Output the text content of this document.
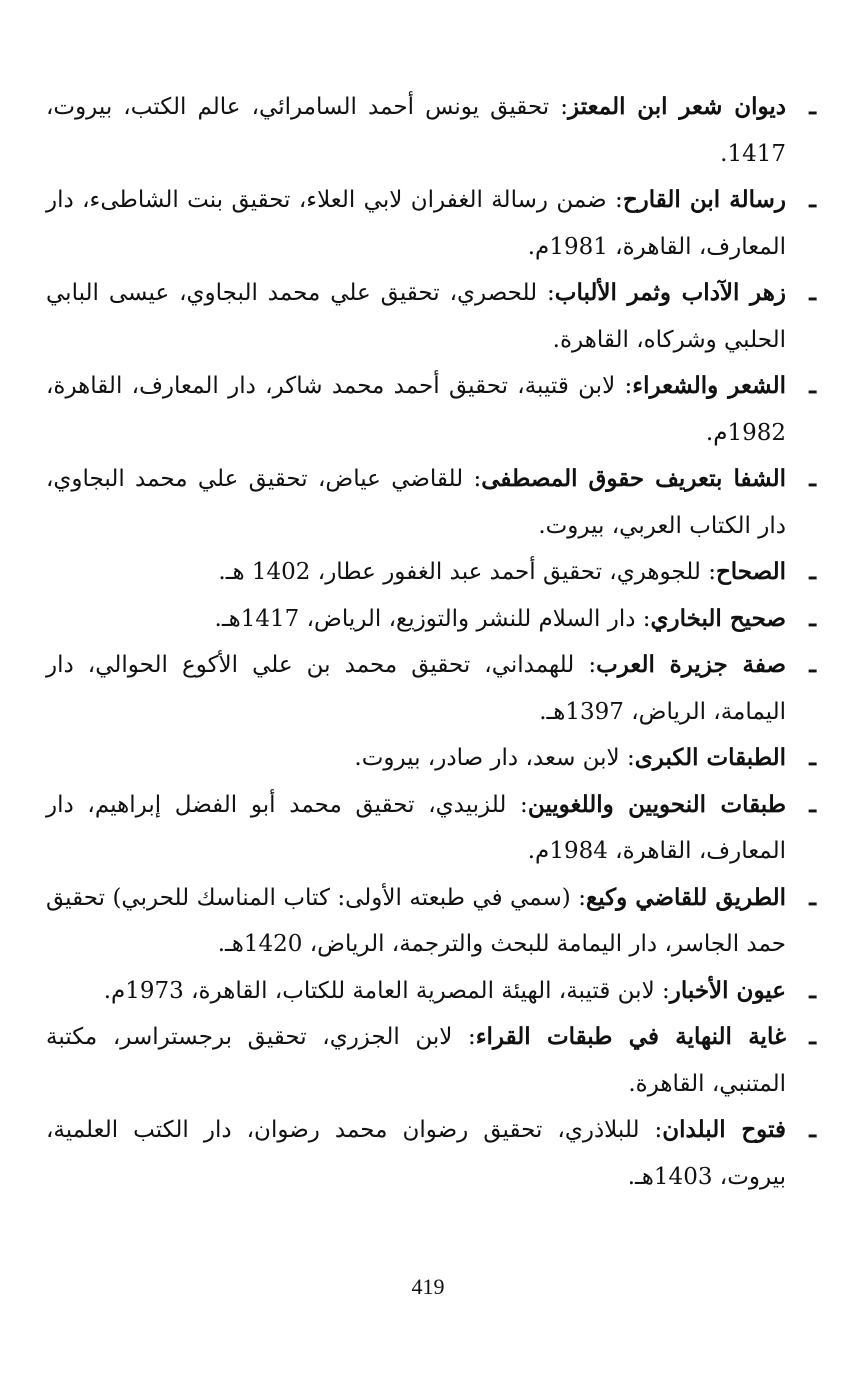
ـ
ديوان شعر ابن المعتز: تحقيق يونس أحمد السامرائي، عالم الكتب، بيروت، 1417.
ـ
رسالة ابن القارح: ضمن رسالة الغفران لابي العلاء، تحقيق بنت الشاطىء، دار المعارف، القاهرة، 1981م.
ـ
زهر الآداب وثمر الألباب: للحصري، تحقيق علي محمد البجاوي، عيسى البابي الحلبي وشركاه، القاهرة.
ـ
الشعر والشعراء: لابن قتيبة، تحقيق أحمد محمد شاكر، دار المعارف، القاهرة، 1982م.
ـ
الشفا بتعريف حقوق المصطفى: للقاضي عياض، تحقيق علي محمد البجاوي، دار الكتاب العربي، بيروت.
ـ
الصحاح: للجوهري، تحقيق أحمد عبد الغفور عطار، 1402 هـ.
ـ
صحيح البخاري: دار السلام للنشر والتوزيع، الرياض، 1417هـ.
ـ
صفة جزيرة العرب: للهمداني، تحقيق محمد بن علي الأكوع الحوالي، دار اليمامة، الرياض، 1397هـ.
ـ
الطبقات الكبرى: لابن سعد، دار صادر، بيروت.
ـ
طبقات النحويين واللغويين: للزبيدي، تحقيق محمد أبو الفضل إبراهيم، دار المعارف، القاهرة، 1984م.
ـ
الطريق للقاضي وكيع: (سمي في طبعته الأولى: كتاب المناسك للحربي) تحقيق حمد الجاسر، دار اليمامة للبحث والترجمة، الرياض، 1420هـ.
ـ
عيون الأخبار: لابن قتيبة، الهيئة المصرية العامة للكتاب، القاهرة، 1973م.
ـ
غاية النهاية في طبقات القراء: لابن الجزري، تحقيق برجستراسر، مكتبة المتنبي، القاهرة.
ـ
فتوح البلدان: للبلاذري، تحقيق رضوان محمد رضوان، دار الكتب العلمية، بيروت، 1403هـ.
419
